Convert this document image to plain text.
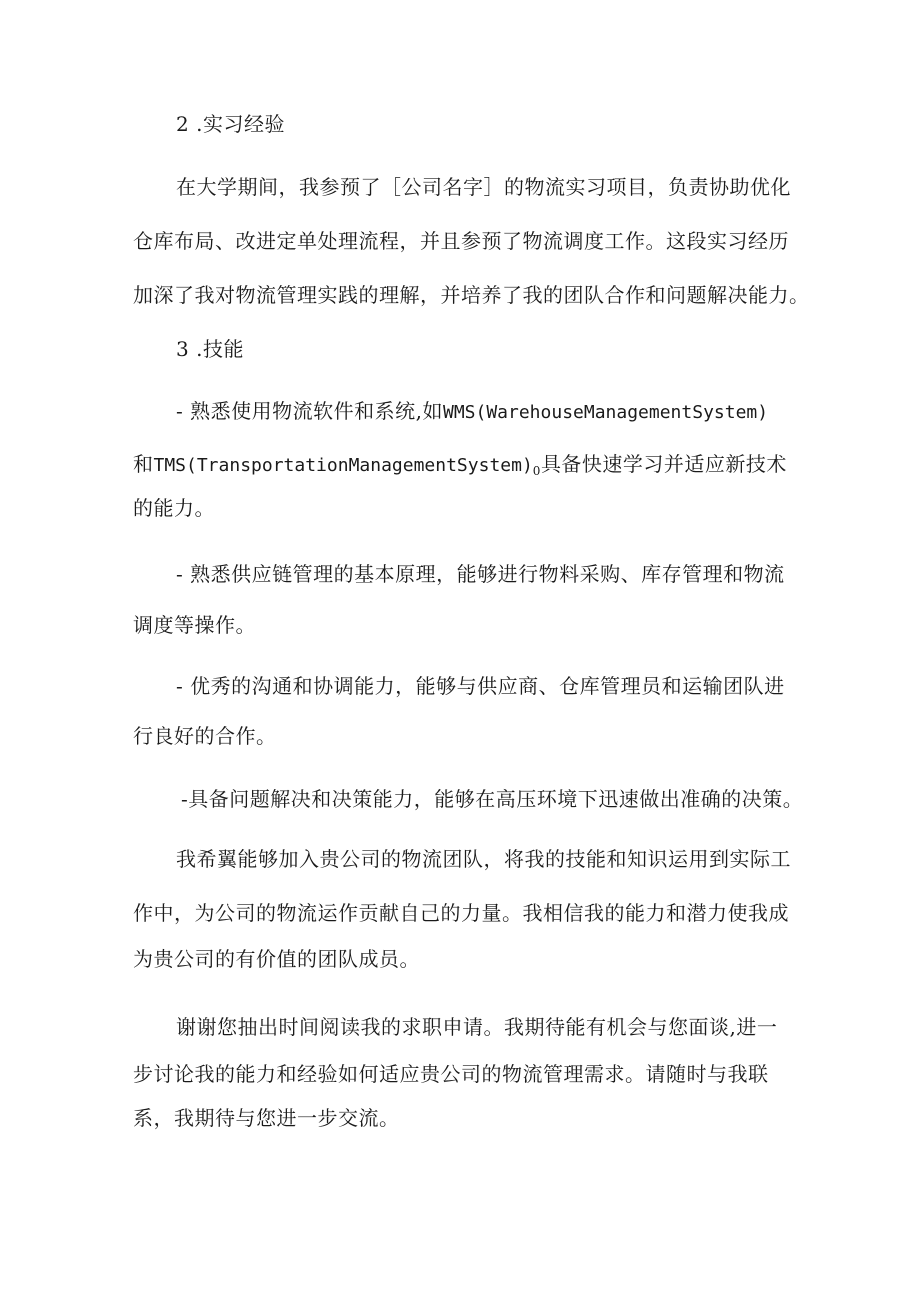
2 .实习经验
在大学期间，我参预了［公司名字］的物流实习项目，负责协助优化
仓库布局、改进定单处理流程，并且参预了物流调度工作。这段实习经历
加深了我对物流管理实践的理解，并培养了我的团队合作和问题解决能力。
3 .技能
- 熟悉使用物流软件和系统,如WMS(WarehouseManagementSystem)
和$TMS(TransportationManagementSystem)_0$具备快速学习并适应新技术
的能力。
- 熟悉供应链管理的基本原理，能够进行物料采购、库存管理和物流
调度等操作。
- 优秀的沟通和协调能力，能够与供应商、仓库管理员和运输团队进
行良好的合作。
-具备问题解决和决策能力，能够在高压环境下迅速做出准确的决策。
我希翼能够加入贵公司的物流团队，将我的技能和知识运用到实际工
作中，为公司的物流运作贡献自己的力量。我相信我的能力和潜力使我成
为贵公司的有价值的团队成员。
谢谢您抽出时间阅读我的求职申请。我期待能有机会与您面谈,进一
步讨论我的能力和经验如何适应贵公司的物流管理需求。请随时与我联
系，我期待与您进一步交流。
